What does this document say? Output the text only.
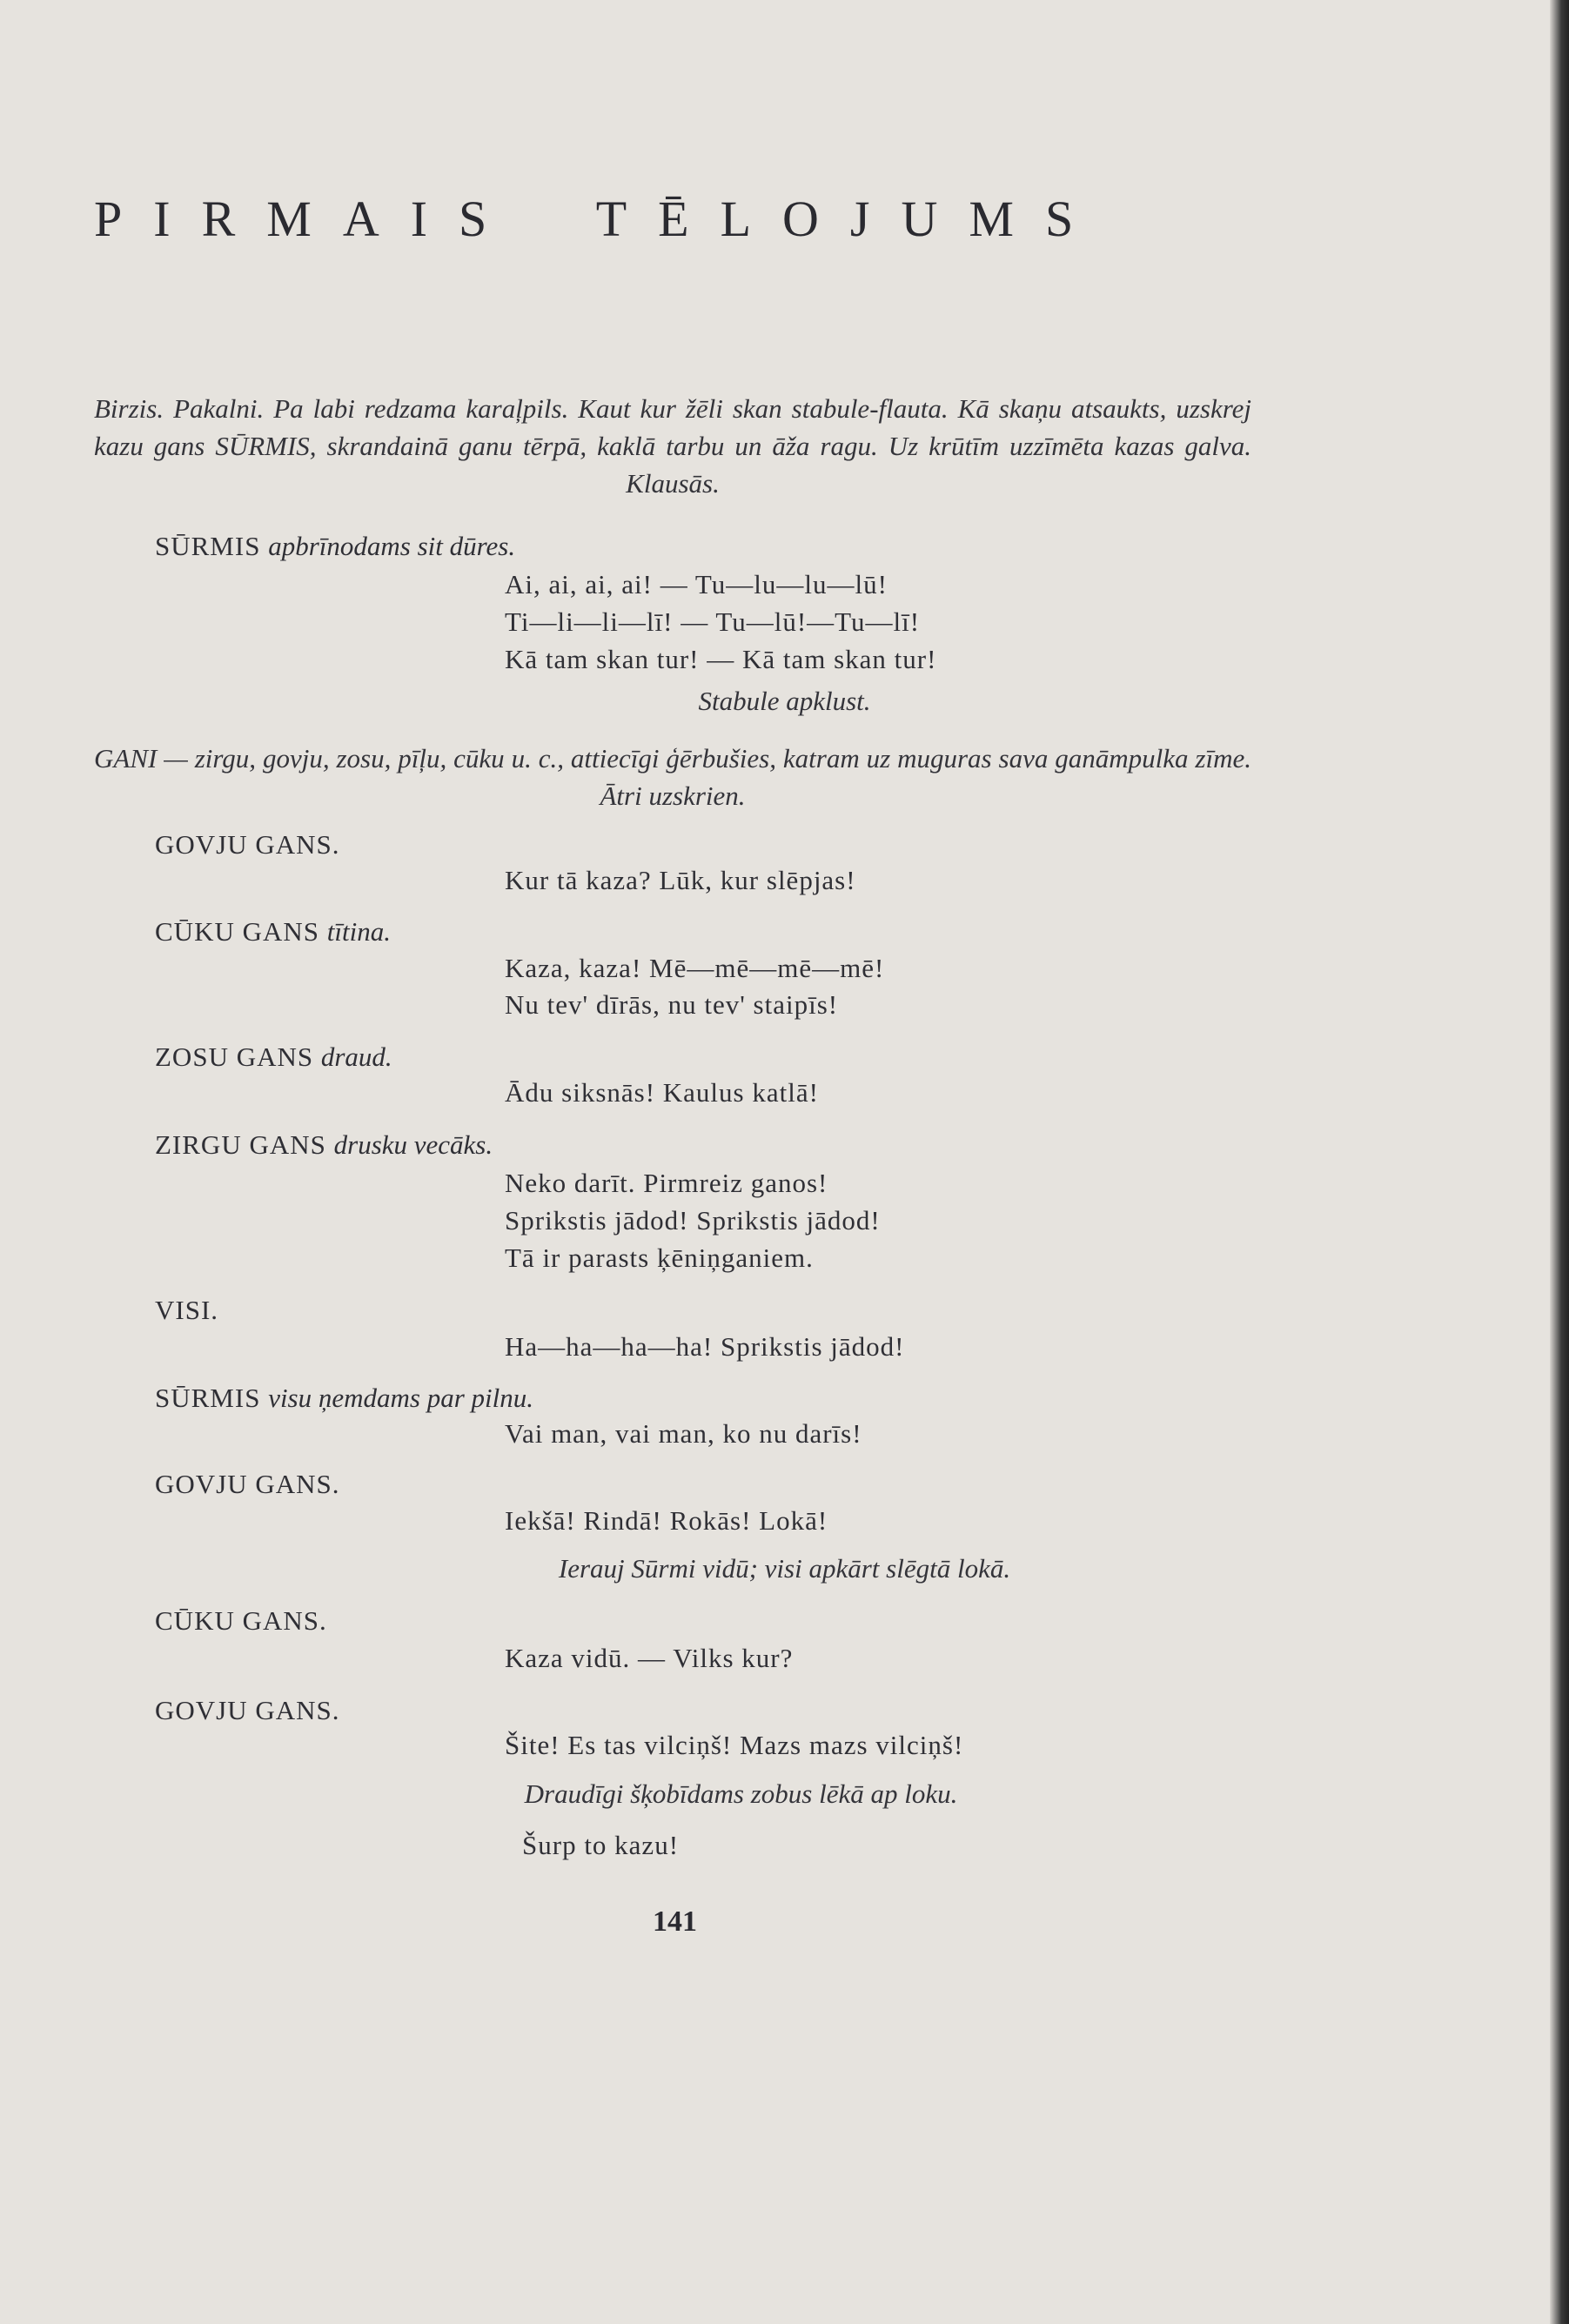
PIRMAIS TĒLOJUMS
Birzis. Pakalni. Pa labi redzama karaļpils. Kaut kur žēli skan stabule-flauta. Kā skaņu atsaukts, uzskrej kazu gans SŪRMIS, skrandainā ganu tērpā, kaklā tarbu un āža ragu. Uz krūtīm uzzīmēta kazas galva. Klausās.
SŪRMIS apbrīnodams sit dūres.
Ai, ai, ai, ai! — Tu—lu—lu—lū!
Ti—li—li—lī! — Tu—lū!—Tu—lī!
Kā tam skan tur! — Kā tam skan tur!
Stabule apklust.
GANI — zirgu, govju, zosu, pīļu, cūku u. c., attiecīgi ģērbušies, katram uz muguras sava ganāmpulka zīme. Ātri uzskrien.
GOVJU GANS.
Kur tā kaza? Lūk, kur slēpjas!
CŪKU GANS tītina.
Kaza, kaza! Mē—mē—mē—mē!
Nu tev' dīrās, nu tev' staipīs!
ZOSU GANS draud.
Ādu siksnās! Kaulus katlā!
ZIRGU GANS drusku vecāks.
Neko darīt. Pirmreiz ganos!
Sprikstis jādod! Sprikstis jādod!
Tā ir parasts ķēniņganiem.
VISI.
Ha—ha—ha—ha! Sprikstis jādod!
SŪRMIS visu ņemdams par pilnu.
Vai man, vai man, ko nu darīs!
GOVJU GANS.
Iekšā! Rindā! Rokās! Lokā!
Ierauj Sūrmi vidū; visi apkārt slēgtā lokā.
CŪKU GANS.
Kaza vidū. — Vilks kur?
GOVJU GANS.
Šite! Es tas vilciņš! Mazs mazs vilciņš!
Draudīgi šķobīdams zobus lēkā ap loku.
Šurp to kazu!
141
